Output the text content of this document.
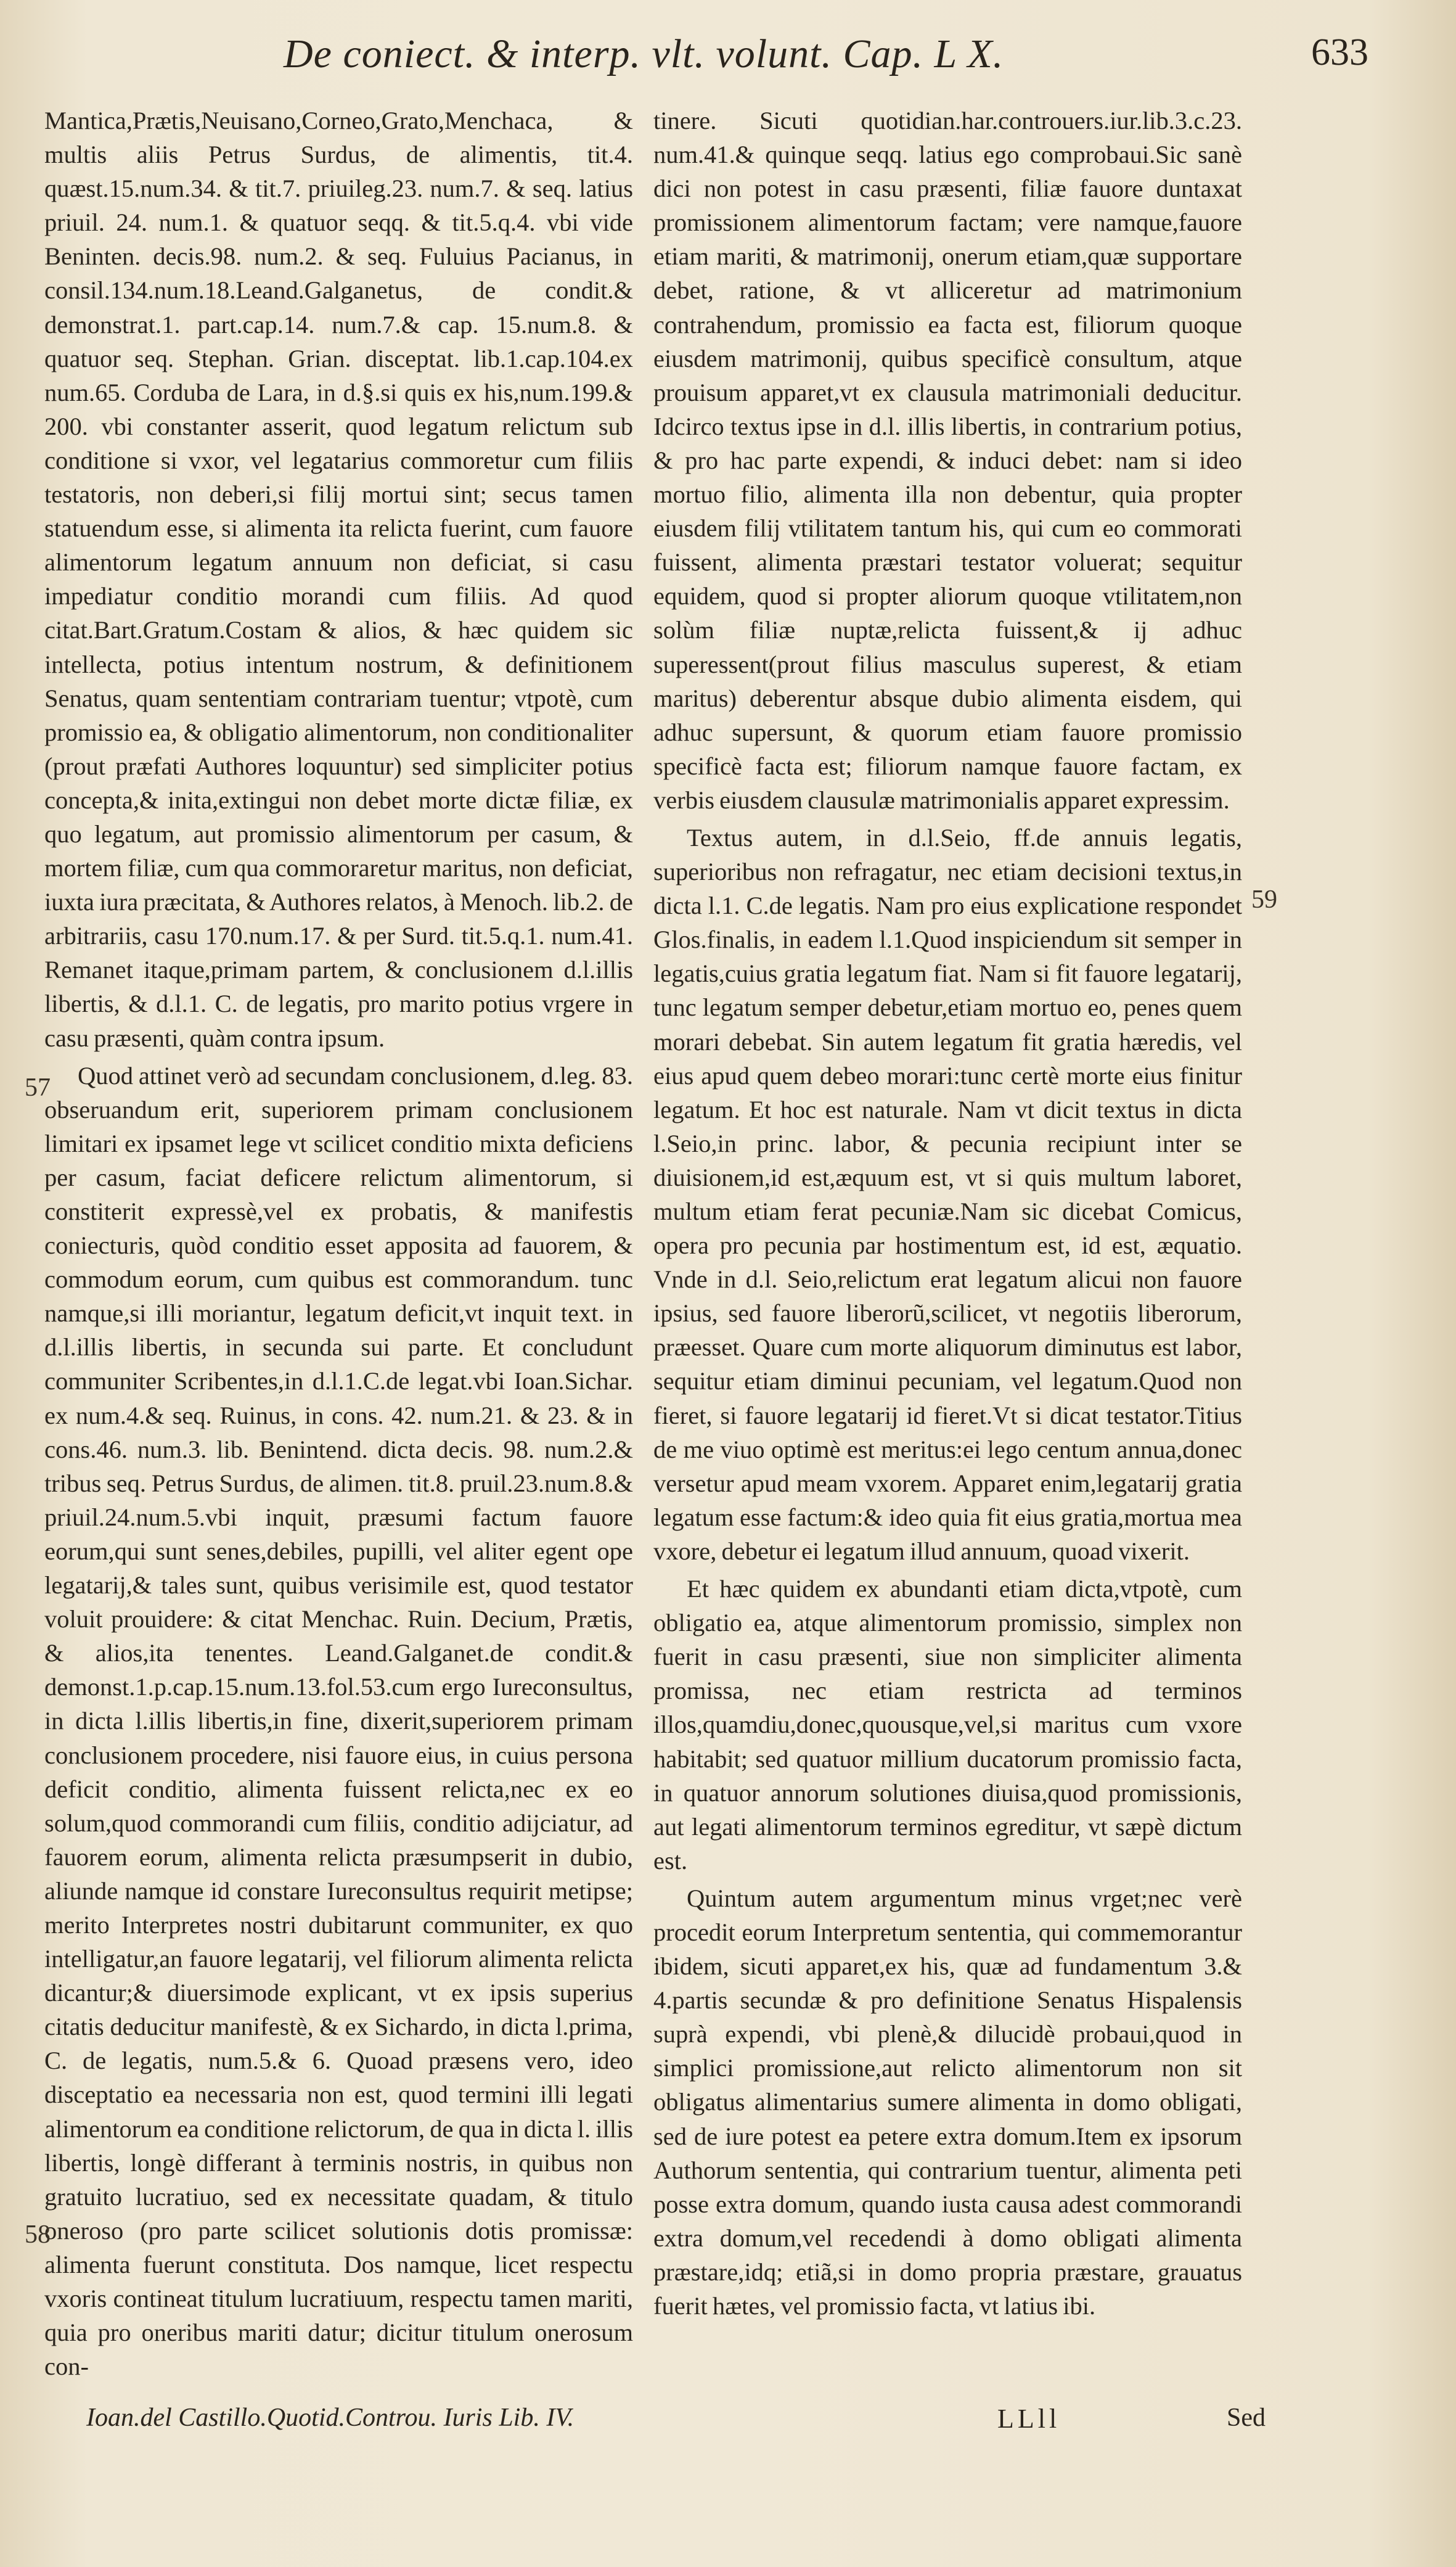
De coniect. & interp. vlt. volunt. Cap. L X.	633

Mantica,Prætis,Neuisano,Corneo,Grato,Menchaca, & multis aliis Petrus Surdus, de alimentis, tit.4. quæst.15.num.34. & tit.7. priuileg.23. num.7. & seq. latius priuil. 24. num.1. & quatuor seqq. & tit.5.q.4. vbi vide Beninten. decis.98. num.2. & seq. Fuluius Pacianus, in consil.134.num.18.Leand.Galganetus, de condit.& demonstrat.1. part.cap.14. num.7.& cap. 15.num.8. & quatuor seq. Stephan. Grian. disceptat. lib.1.cap.104.ex num.65. Corduba de Lara, in d.§.si quis ex his,num.199.& 200. vbi constanter asserit, quod legatum relictum sub conditione si vxor, vel legatarius commoretur cum filiis testatoris, non deberi,si filij mortui sint; secus tamen statuendum esse, si alimenta ita relicta fuerint, cum fauore alimentorum legatum annuum non deficiat, si casu impediatur conditio morandi cum filiis. Ad quod citat.Bart.Gratum.Costam & alios, & hæc quidem sic intellecta, potius intentum nostrum, & definitionem Senatus, quam sententiam contrariam tuentur; vtpotè, cum promissio ea, & obligatio alimentorum, non conditionaliter (prout præfati Authores loquuntur) sed simpliciter potius concepta,& inita,extingui non debet morte dictæ filiæ, ex quo legatum, aut promissio alimentorum per casum, & mortem filiæ, cum qua commoraretur maritus, non deficiat, iuxta iura præcitata, & Authores relatos, à Menoch. lib.2. de arbitrariis, casu 170.num.17. & per Surd. tit.5.q.1. num.41. Remanet itaque,primam partem, & conclusionem d.l.illis libertis, & d.l.1. C. de legatis, pro marito potius vrgere in casu præsenti, quàm contra ipsum.

Quod attinet verò ad secundam conclusionem, d.leg. 83. obseruandum erit, superiorem primam conclusionem limitari ex ipsamet lege vt scilicet conditio mixta deficiens per casum, faciat deficere relictum alimentorum, si constiterit expressè,vel ex probatis, & manifestis coniecturis, quòd conditio esset apposita ad fauorem, & commodum eorum, cum quibus est commorandum. tunc namque,si illi moriantur, legatum deficit,vt inquit text. in d.l.illis libertis, in secunda sui parte. Et concludunt communiter Scribentes,in d.l.1.C.de legat.vbi Ioan.Sichar. ex num.4.& seq. Ruinus, in cons. 42. num.21. & 23. & in cons.46. num.3. lib. Benintend. dicta decis. 98. num.2.& tribus seq. Petrus Surdus, de alimen. tit.8. pruil.23.num.8.& priuil.24.num.5.vbi inquit, præsumi factum fauore eorum,qui sunt senes,debiles, pupilli, vel aliter egent ope legatarij,& tales sunt, quibus verisimile est, quod testator voluit prouidere: & citat Menchac. Ruin. Decium, Prætis, & alios,ita tenentes. Leand.Galganet.de condit.& demonst.1.p.cap.15.num.13.fol.53.cum ergo Iureconsultus, in dicta l.illis libertis,in fine, dixerit,superiorem primam conclusionem procedere, nisi fauore eius, in cuius persona deficit conditio, alimenta fuissent relicta,nec ex eo solum,quod commorandi cum filiis, conditio adijciatur, ad fauorem eorum, alimenta relicta præsumpserit in dubio, aliunde namque id constare Iureconsultus requirit metipse; merito Interpretes nostri dubitarunt communiter, ex quo intelligatur,an fauore legatarij, vel filiorum alimenta relicta dicantur;& diuersimode explicant, vt ex ipsis superius citatis deducitur manifestè, & ex Sichardo, in dicta l.prima, C. de legatis, num.5.& 6. Quoad præsens vero, ideo disceptatio ea necessaria non est, quod termini illi legati alimentorum ea conditione relictorum, de qua in dicta l. illis libertis, longè differant à terminis nostris, in quibus non gratuito lucratiuo, sed ex necessitate quadam, & titulo oneroso (pro parte scilicet solutionis dotis promissæ: alimenta fuerunt constituta. Dos namque, licet respectu vxoris contineat titulum lucratiuum, respectu tamen mariti, quia pro oneribus mariti datur; dicitur titulum onerosum con-

tinere. Sicuti quotidian.har.controuers.iur.lib.3.c.23. num.41.& quinque seqq. latius ego comprobaui.Sic sanè dici non potest in casu præsenti, filiæ fauore duntaxat promissionem alimentorum factam; vere namque,fauore etiam mariti, & matrimonij, onerum etiam,quæ supportare debet, ratione, & vt alliceretur ad matrimonium contrahendum, promissio ea facta est, filiorum quoque eiusdem matrimonij, quibus specificè consultum, atque prouisum apparet,vt ex clausula matrimoniali deducitur. Idcirco textus ipse in d.l. illis libertis, in contrarium potius, & pro hac parte expendi, & induci debet: nam si ideo mortuo filio, alimenta illa non debentur, quia propter eiusdem filij vtilitatem tantum his, qui cum eo commorati fuissent, alimenta præstari testator voluerat; sequitur equidem, quod si propter aliorum quoque vtilitatem,non solùm filiæ nuptæ,relicta fuissent,& ij adhuc superessent(prout filius masculus superest, & etiam maritus) deberentur absque dubio alimenta eisdem, qui adhuc supersunt, & quorum etiam fauore promissio specificè facta est; filiorum namque fauore factam, ex verbis eiusdem clausulæ matrimonialis apparet expressim.

Textus autem, in d.l.Seio, ff.de annuis legatis, superioribus non refragatur, nec etiam decisioni textus,in dicta l.1. C.de legatis. Nam pro eius explicatione respondet Glos.finalis, in eadem l.1.Quod inspiciendum sit semper in legatis,cuius gratia legatum fiat. Nam si fit fauore legatarij, tunc legatum semper debetur,etiam mortuo eo, penes quem morari debebat. Sin autem legatum fit gratia hæredis, vel eius apud quem debeo morari:tunc certè morte eius finitur legatum. Et hoc est naturale. Nam vt dicit textus in dicta l.Seio,in princ. labor, & pecunia recipiunt inter se diuisionem,id est,æquum est, vt si quis multum laboret, multum etiam ferat pecuniæ.Nam sic dicebat Comicus, opera pro pecunia par hostimentum est, id est, æquatio. Vnde in d.l. Seio,relictum erat legatum alicui non fauore ipsius, sed fauore liberorũ,scilicet, vt negotiis liberorum, præesset. Quare cum morte aliquorum diminutus est labor, sequitur etiam diminui pecuniam, vel legatum.Quod non fieret, si fauore legatarij id fieret.Vt si dicat testator.Titius de me viuo optimè est meritus:ei lego centum annua,donec versetur apud meam vxorem. Apparet enim,legatarij gratia legatum esse factum:& ideo quia fit eius gratia,mortua mea vxore, debetur ei legatum illud annuum, quoad vixerit.

Et hæc quidem ex abundanti etiam dicta,vtpotè, cum obligatio ea, atque alimentorum promissio, simplex non fuerit in casu præsenti, siue non simpliciter alimenta promissa, nec etiam restricta ad terminos illos,quamdiu,donec,quousque,vel,si maritus cum vxore habitabit; sed quatuor millium ducatorum promissio facta, in quatuor annorum solutiones diuisa,quod promissionis, aut legati alimentorum terminos egreditur, vt sæpè dictum est.

Quintum autem argumentum minus vrget;nec verè procedit eorum Interpretum sententia, qui commemorantur ibidem, sicuti apparet,ex his, quæ ad fundamentum 3.& 4.partis secundæ & pro definitione Senatus Hispalensis suprà expendi, vbi plenè,& dilucidè probaui,quod in simplici promissione,aut relicto alimentorum non sit obligatus alimentarius sumere alimenta in domo obligati, sed de iure potest ea petere extra domum.Item ex ipsorum Authorum sententia, qui contrarium tuentur, alimenta peti posse extra domum, quando iusta causa adest commorandi extra domum,vel recedendi à domo obligati alimenta præstare,idq; etiã,si in domo propria præstare, grauatus fuerit hætes, vel promissio facta, vt latius ibi.

57
58
59
Ioan.del Castillo.Quotid.Controu. Iuris Lib. IV.	LLll	Sed
